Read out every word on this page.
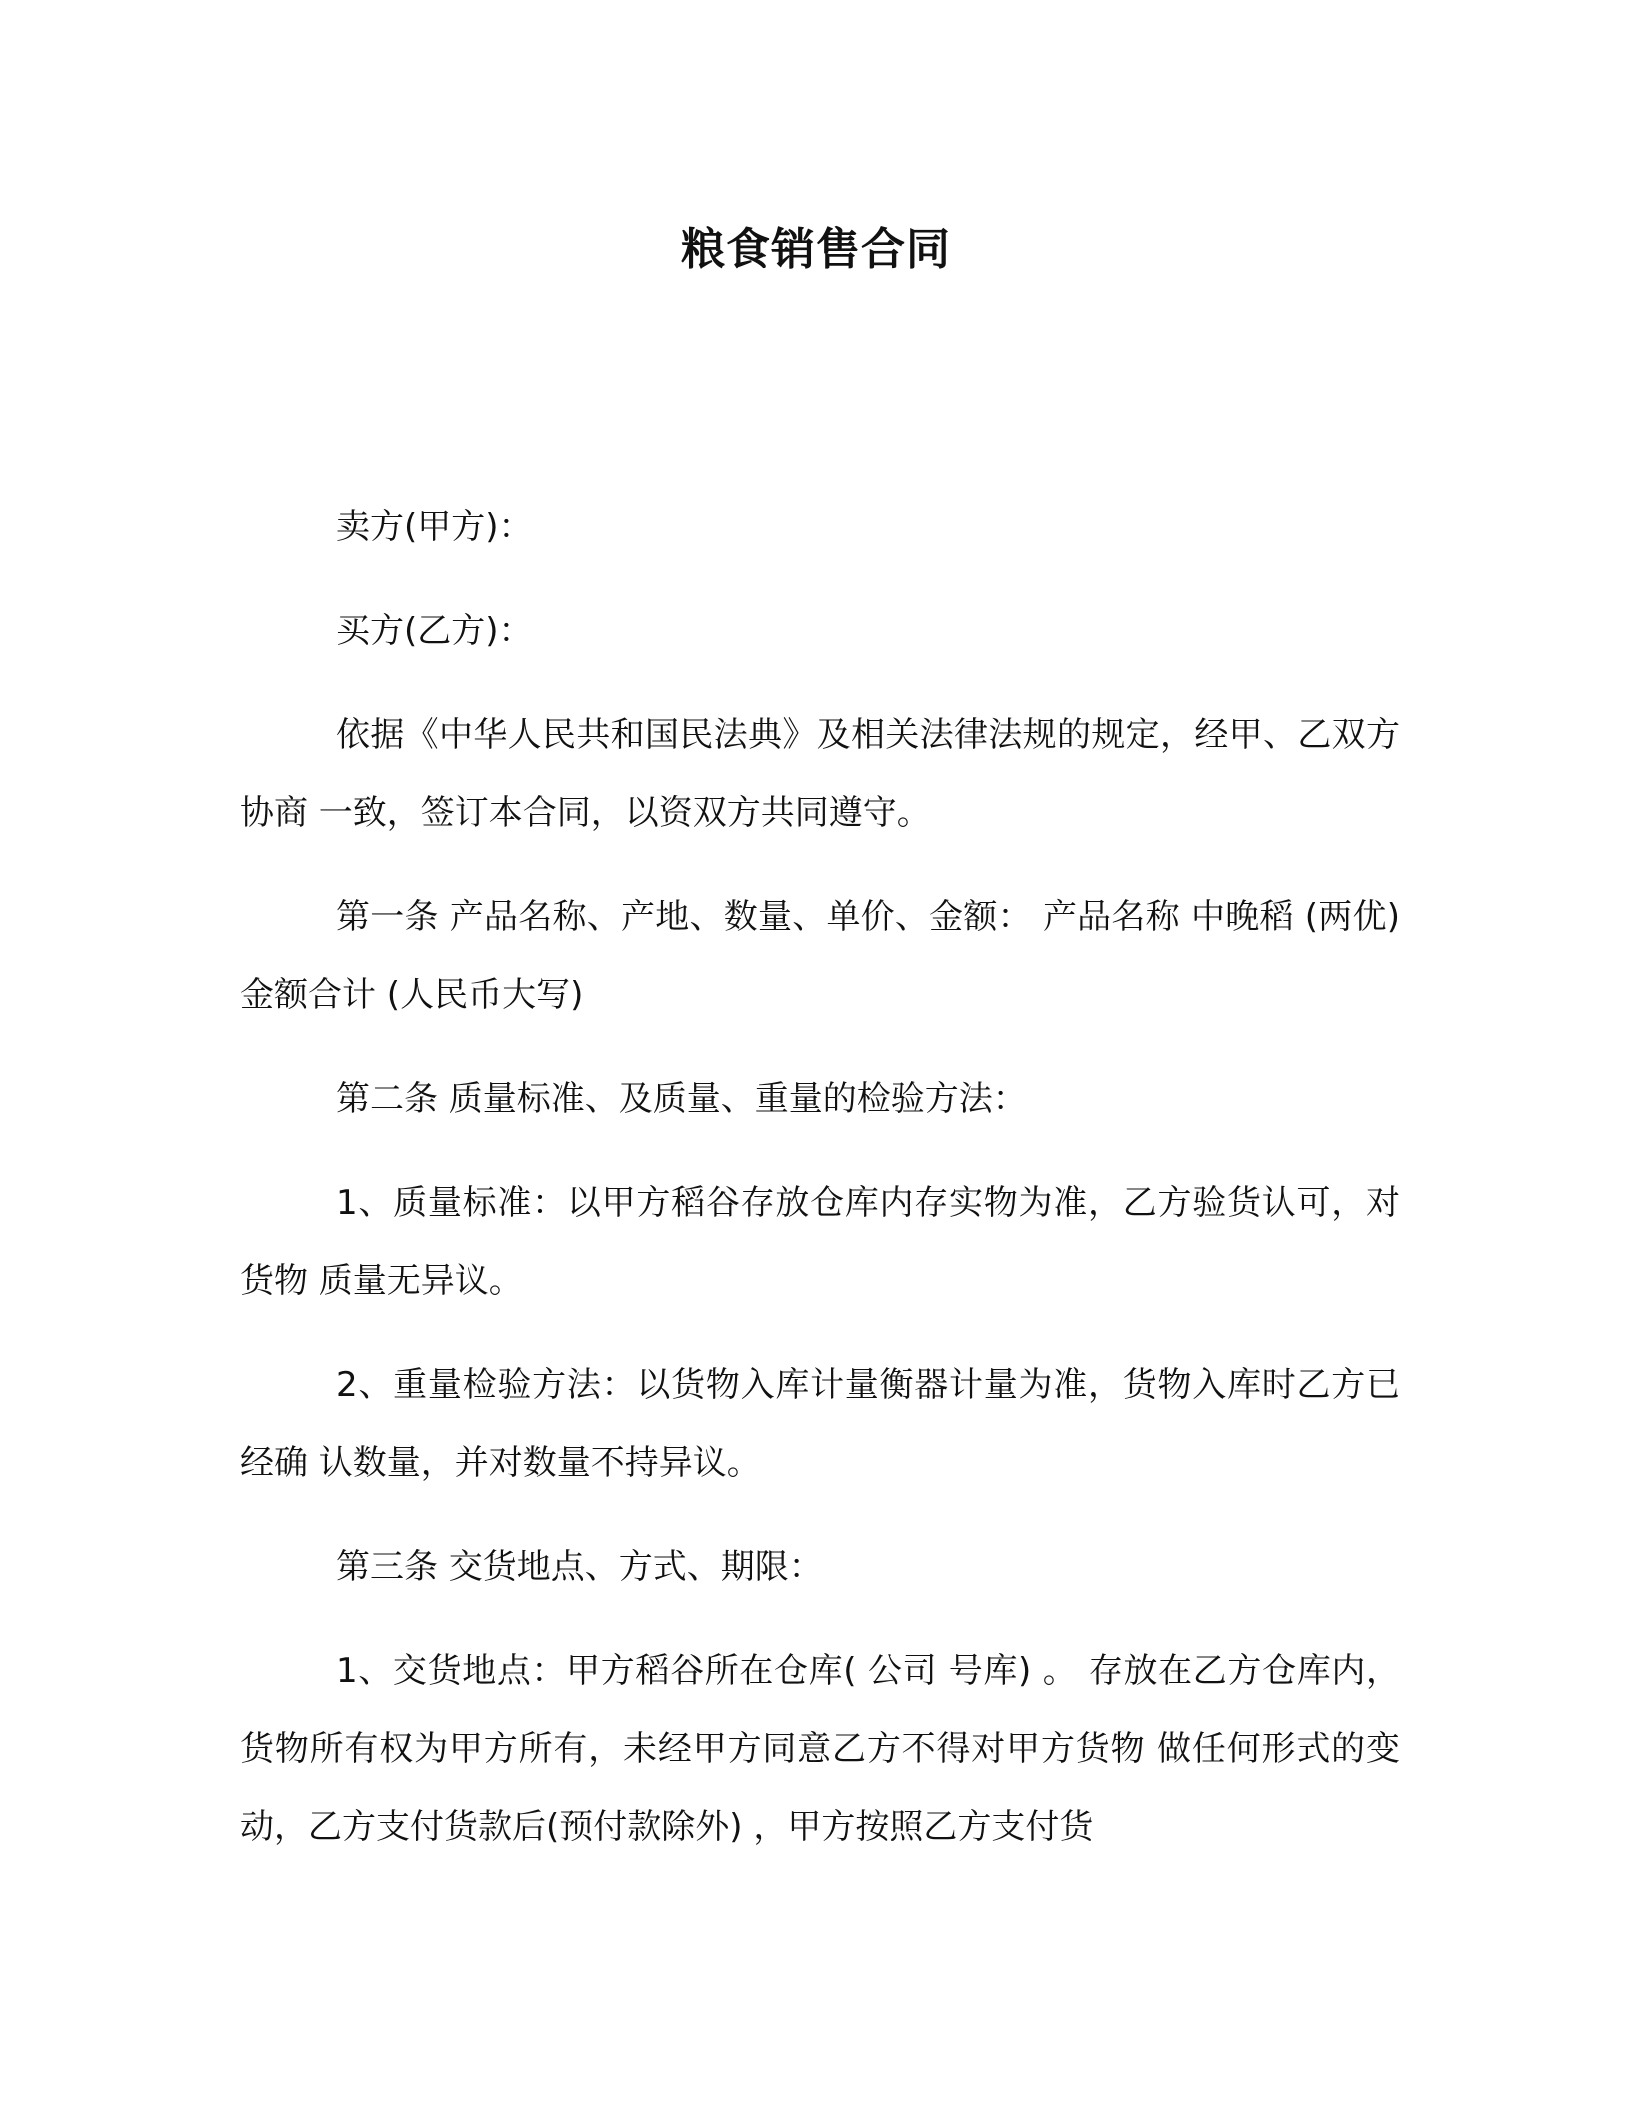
粮食销售合同

卖方(甲方)：

买方(乙方)：

依据《中华人民共和国民法典》及相关法律法规的规定，经甲、乙双方协商 一致，签订本合同，以资双方共同遵守。

第一条 产品名称、产地、数量、单价、金额： 产品名称 中晚稻 (两优) 金额合计 (人民币大写)

第二条 质量标准、及质量、重量的检验方法：

1、质量标准：以甲方稻谷存放仓库内存实物为准，乙方验货认可，对货物 质量无异议。

2、重量检验方法：以货物入库计量衡器计量为准，货物入库时乙方已经确 认数量，并对数量不持异议。

第三条 交货地点、方式、期限：

1、交货地点：甲方稻谷所在仓库( 公司 号库) 。 存放在乙方仓库内， 货物所有权为甲方所有，未经甲方同意乙方不得对甲方货物 做任何形式的变动，乙方支付货款后(预付款除外) ，甲方按照乙方支付货
